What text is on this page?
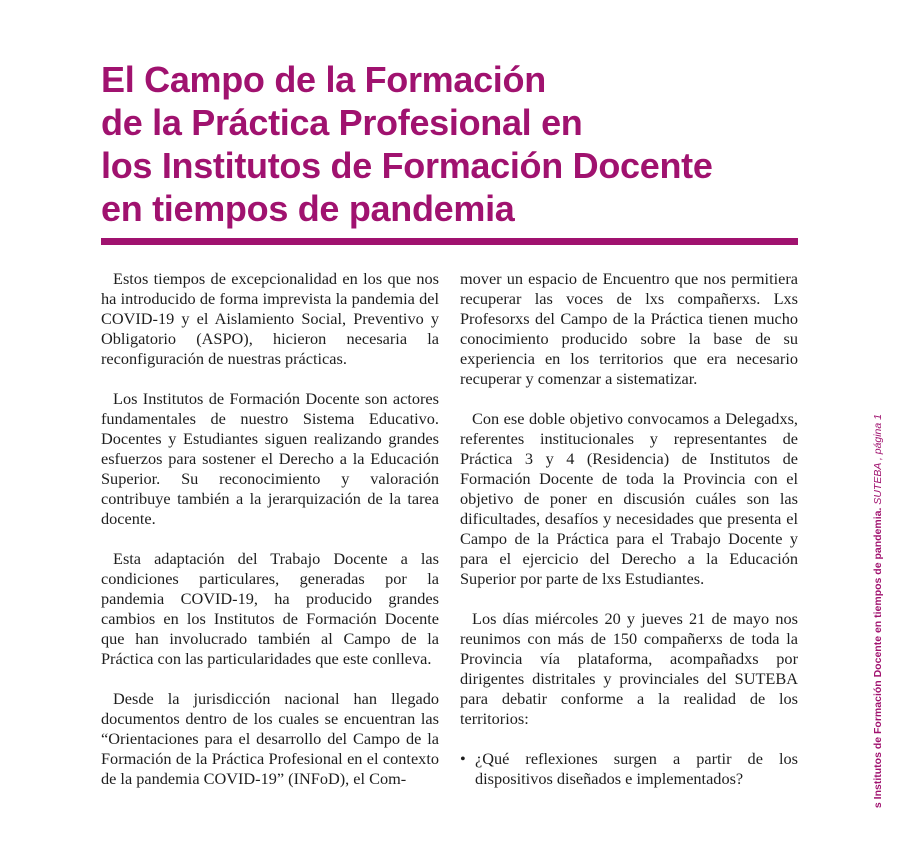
El Campo de la Formación
de la Práctica Profesional en
los Institutos de Formación Docente
en tiempos de pandemia

Estos tiempos de excepcionalidad en los que nos ha introducido de forma imprevista la pandemia del COVID-19 y el Aislamiento Social, Preventivo y Obligatorio (ASPO), hicieron necesaria la reconfiguración de nuestras prácticas.

Los Institutos de Formación Docente son actores fundamentales de nuestro Sistema Educativo. Docentes y Estudiantes siguen realizando grandes esfuerzos para sostener el Derecho a la Educación Superior. Su reconocimiento y valoración contribuye también a la jerarquización de la tarea docente.

Esta adaptación del Trabajo Docente a las condiciones particulares, generadas por la pandemia COVID-19, ha producido grandes cambios en los Institutos de Formación Docente que han involucrado también al Campo de la Práctica con las particularidades que este conlleva.

Desde la jurisdicción nacional han llegado documentos dentro de los cuales se encuentran las “Orientaciones para el desarrollo del Campo de la Formación de la Práctica Profesional en el contexto de la pandemia COVID-19” (INFoD), el Com-

mover un espacio de Encuentro que nos permitiera recuperar las voces de lxs compañerxs. Lxs Profesorxs del Campo de la Práctica tienen mucho conocimiento producido sobre la base de su experiencia en los territorios que era necesario recuperar y comenzar a sistematizar.

Con ese doble objetivo convocamos a Delegadxs, referentes institucionales y representantes de Práctica 3 y 4 (Residencia) de Institutos de Formación Docente de toda la Provincia con el objetivo de poner en discusión cuáles son las dificultades, desafíos y necesidades que presenta el Campo de la Práctica para el Trabajo Docente y para el ejercicio del Derecho a la Educación Superior por parte de lxs Estudiantes.

Los días miércoles 20 y jueves 21 de mayo nos reunimos con más de 150 compañerxs de toda la Provincia vía plataforma, acompañadxs por dirigentes distritales y provinciales del SUTEBA para debatir conforme a la realidad de los territorios:

• ¿Qué reflexiones surgen a partir de los dispositivos diseñados e implementados?	s Institutos de Formación Docente en tiempos de pandemia. SUTEBA , página 1
